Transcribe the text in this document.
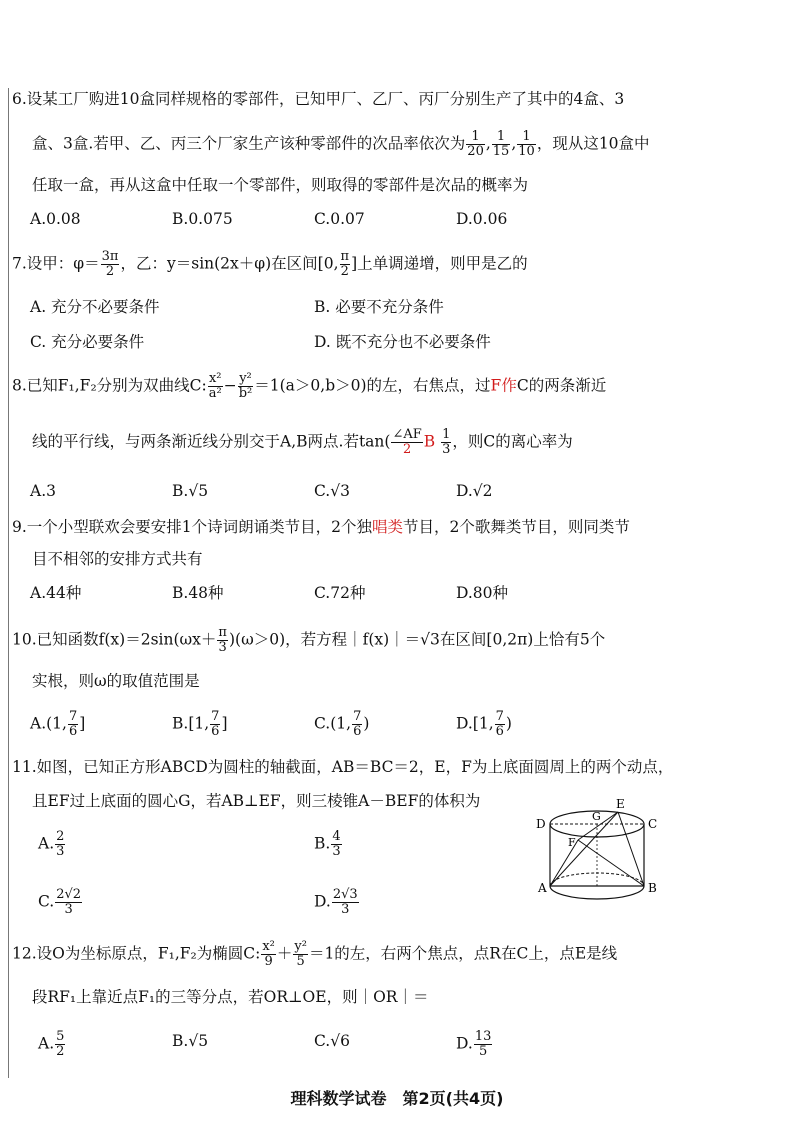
6.设某工厂购进10盒同样规格的零部件，已知甲厂、乙厂、丙厂分别生产了其中的4盒、3
盒、3盒.若甲、乙、丙三个厂家生产该种零部件的次品率依次为 $\frac{1}{20}$ , $\frac{1}{15}$ , $\frac{1}{10}$ ，现从这10盒中
任取一盒，再从这盒中任取一个零部件，则取得的零部件是次品的概率为
A.0.08	B.0.075	C.0.07	D.0.06
7.设甲：$\varphi= \frac{3\pi}{2}$ ，乙：y＝sin(2x＋φ)在区间[0, $\frac{\pi}{2}$ ]上单调递增，则甲是乙的
A. 充分不必要条件	B. 必要不充分条件
C. 充分必要条件	D. 既不充分也不必要条件
8.已知F₁,F₂分别为双曲线C: $\frac{\text{x²}}{\text{a²}} - \frac{\text{y²}}{\text{b²}} =1(a>0,b>0)$的左，右焦点，过F作C的两条渐近
线的平行线，与两条渐近线分别交于A,B两点.若$\tan( \frac{\angle AF}{2}$ B $\frac{1}{3}$ ，则C的离心率为
A.3	B.√5	C.√3	D.√2
9.一个小型联欢会要安排1个诗词朗诵类节目，2个独唱类节目，2个歌舞类节目，则同类节
目不相邻的安排方式共有
A.44种	B.48种	C.72种	D.80种
10.已知函数$f(x)=2\sin(\omega x+ \frac{\pi}{3} )(\omega>0)$，若方程｜f(x)｜＝√3在区间[0,2π)上恰有5个
实根，则ω的取值范围是
A.(1, $\frac{7}{6}$ ]	B.[1, $\frac{7}{6}$ ]	C.(1, $\frac{7}{6}$ )	D.[1, $\frac{7}{6}$ )
11.如图，已知正方形ABCD为圆柱的轴截面，AB＝BC＝2，E，F为上底面圆周上的两个动点，
且EF过上底面的圆心G，若AB⊥EF，则三棱锥A－BEF的体积为
A. $\frac{2}{3}$	B. $\frac{4}{3}$
C. $\frac{2√2}{3}$	D. $\frac{2√3}{3}$
D	C
E
G
F
A	B
12.设O为坐标原点，F₁,F₂为椭圆C: $\frac{\text{x²}}{9} + \frac{\text{y²}}{5} =1$的左，右两个焦点，点R在C上，点E是线
段RF₁上靠近点F₁的三等分点，若OR⊥OE，则｜OR｜＝
A. $\frac{5}{2}$	B.√5	C.√6	D. $\frac{13}{5}$
理科数学试卷　第2页(共4页)
